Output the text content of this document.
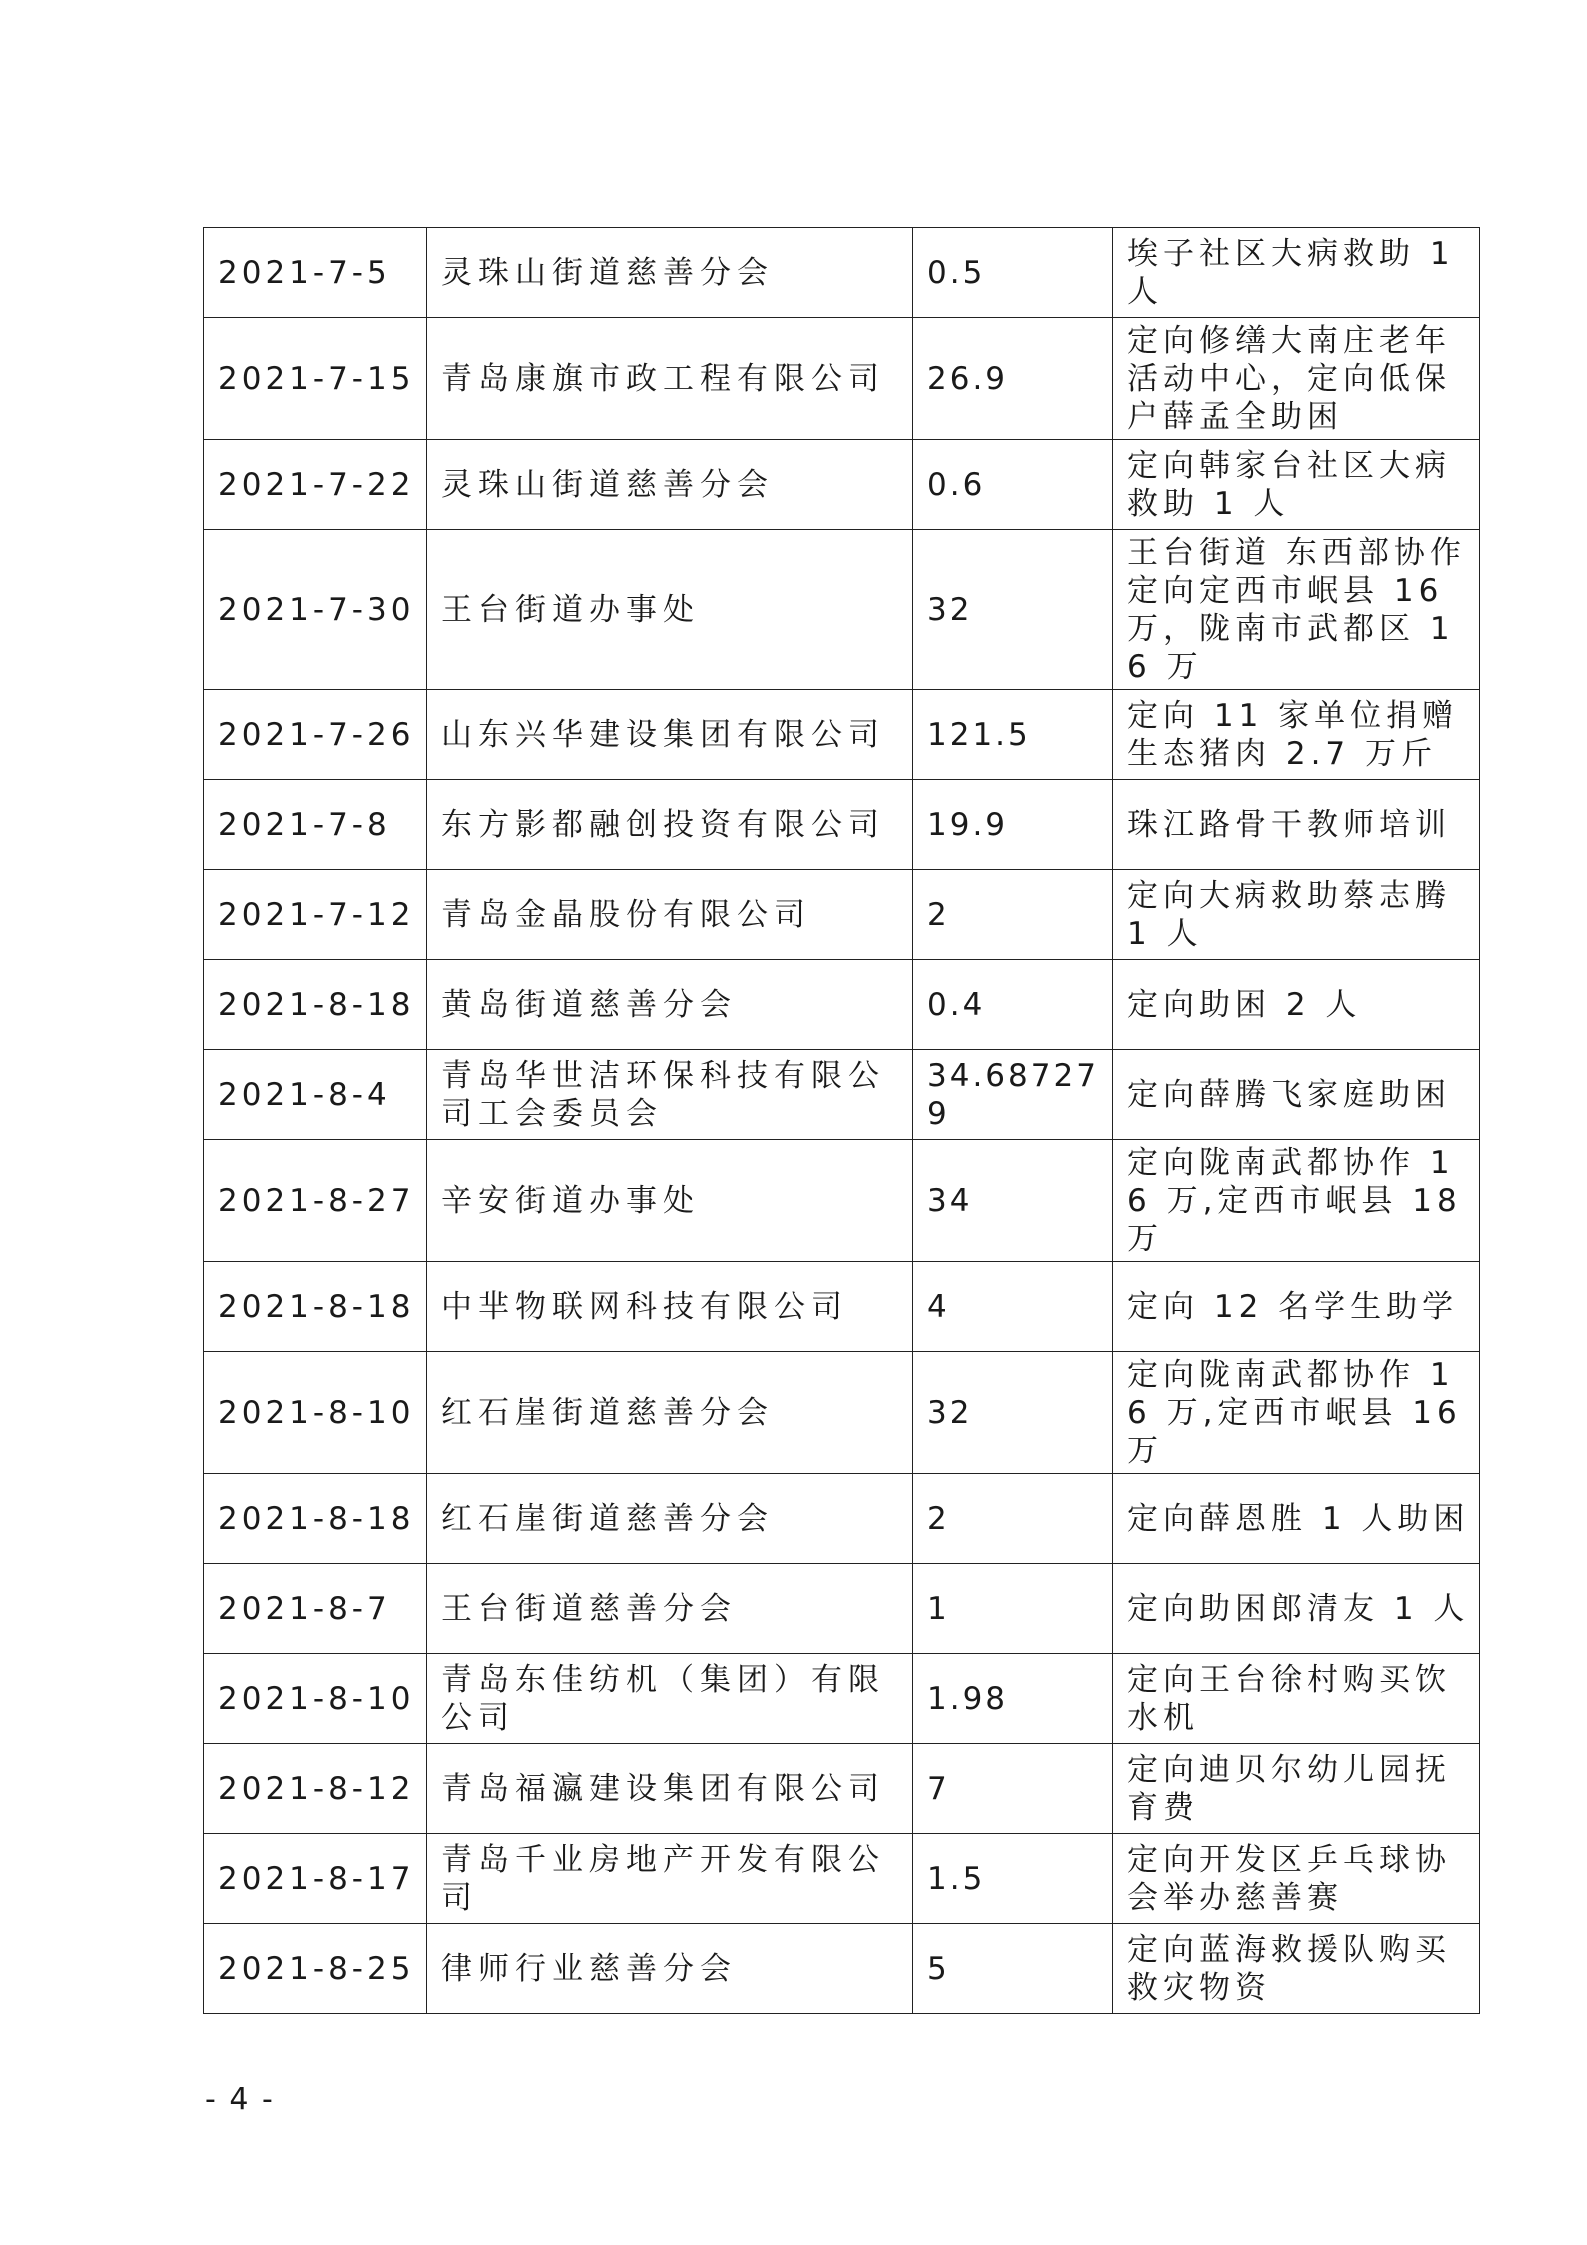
2021-7-5	灵珠山街道慈善分会	0.5	埃子社区大病救助 1 人
2021-7-15	青岛康旗市政工程有限公司	26.9	定向修缮大南庄老年活动中心，定向低保户薛孟全助困
2021-7-22	灵珠山街道慈善分会	0.6	定向韩家台社区大病救助 1 人
2021-7-30	王台街道办事处	32	王台街道 东西部协作定向定西市岷县 16 万，陇南市武都区 16 万
2021-7-26	山东兴华建设集团有限公司	121.5	定向 11 家单位捐赠生态猪肉 2.7 万斤
2021-7-8	东方影都融创投资有限公司	19.9	珠江路骨干教师培训
2021-7-12	青岛金晶股份有限公司	2	定向大病救助蔡志腾 1 人
2021-8-18	黄岛街道慈善分会	0.4	定向助困 2 人
2021-8-4	青岛华世洁环保科技有限公司工会委员会	34.687279	定向薛腾飞家庭助困
2021-8-27	辛安街道办事处	34	定向陇南武都协作 16 万,定西市岷县 18 万
2021-8-18	中芈物联网科技有限公司	4	定向 12 名学生助学
2021-8-10	红石崖街道慈善分会	32	定向陇南武都协作 16 万,定西市岷县 16 万
2021-8-18	红石崖街道慈善分会	2	定向薛恩胜 1 人助困
2021-8-7	王台街道慈善分会	1	定向助困郎清友 1 人
2021-8-10	青岛东佳纺机（集团）有限公司	1.98	定向王台徐村购买饮水机
2021-8-12	青岛福瀛建设集团有限公司	7	定向迪贝尔幼儿园抚育费
2021-8-17	青岛千业房地产开发有限公司	1.5	定向开发区乒乓球协会举办慈善赛
2021-8-25	律师行业慈善分会	5	定向蓝海救援队购买救灾物资
- 4 -
